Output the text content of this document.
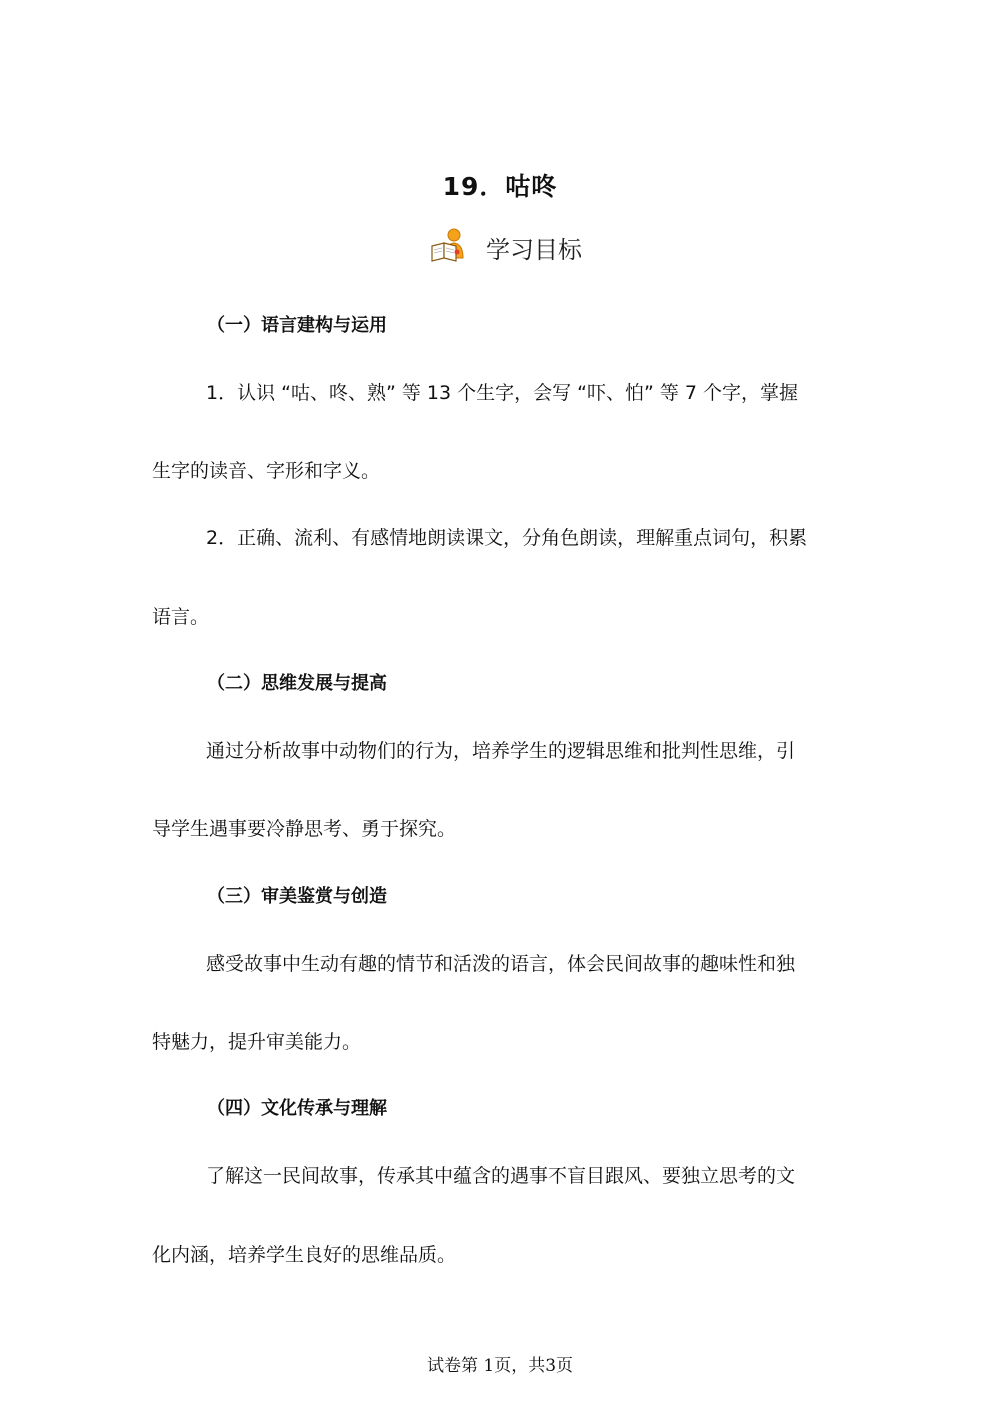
19．咕咚
学习目标
（一）语言建构与运用
1．认识 “咕、咚、熟” 等 13 个生字，会写 “吓、怕” 等 7 个字，掌握
生字的读音、字形和字义。
2．正确、流利、有感情地朗读课文，分角色朗读，理解重点词句，积累
语言。
（二）思维发展与提高
通过分析故事中动物们的行为，培养学生的逻辑思维和批判性思维，引
导学生遇事要冷静思考、勇于探究。
（三）审美鉴赏与创造
感受故事中生动有趣的情节和活泼的语言，体会民间故事的趣味性和独
特魅力，提升审美能力。
（四）文化传承与理解
了解这一民间故事，传承其中蕴含的遇事不盲目跟风、要独立思考的文
化内涵，培养学生良好的思维品质。
试卷第 1页，共3页
